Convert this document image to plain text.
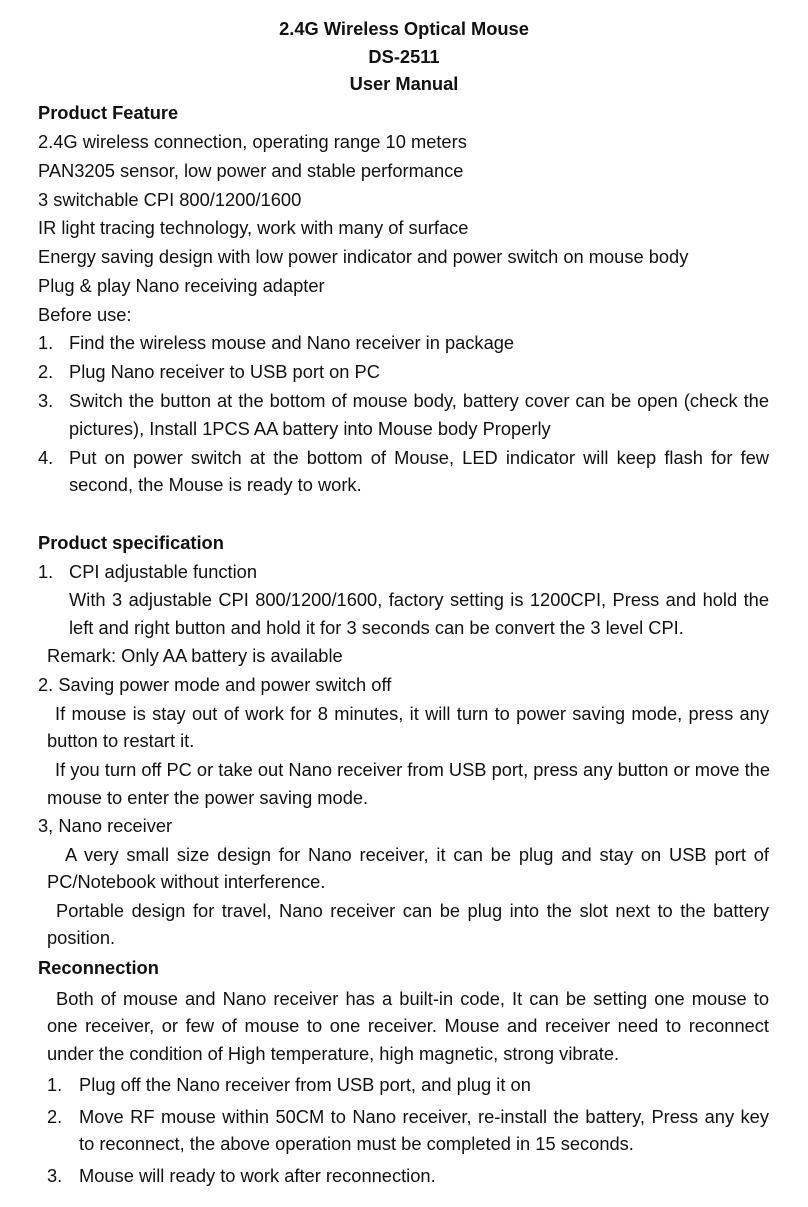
2.4G Wireless Optical Mouse
DS-2511
User Manual
Product Feature
2.4G wireless connection, operating range 10 meters
PAN3205 sensor, low power and stable performance
3 switchable CPI 800/1200/1600
IR light tracing technology, work with many of surface
Energy saving design with low power indicator and power switch on mouse body
Plug & play Nano receiving adapter
Before use:
1. Find the wireless mouse and Nano receiver in package
2. Plug Nano receiver to USB port on PC
3. Switch the button at the bottom of mouse body, battery cover can be open (check the
pictures), Install 1PCS AA battery into Mouse body Properly
4. Put on power switch at the bottom of Mouse, LED indicator will keep flash for few
second, the Mouse is ready to work.
Product specification
1. CPI adjustable function
With 3 adjustable CPI 800/1200/1600, factory setting is 1200CPI, Press and hold the
left and right button and hold it for 3 seconds can be convert the 3 level CPI.
Remark: Only AA battery is available
2. Saving power mode and power switch off
If mouse is stay out of work for 8 minutes, it will turn to power saving mode, press any
button to restart it.
If you turn off PC or take out Nano receiver from USB port, press any button or move the
mouse to enter the power saving mode.
3, Nano receiver
A very small size design for Nano receiver, it can be plug and stay on USB port of
PC/Notebook without interference.
Portable design for travel, Nano receiver can be plug into the slot next to the battery
position.
Reconnection
Both of mouse and Nano receiver has a built-in code, It can be setting one mouse to
one receiver, or few of mouse to one receiver. Mouse and receiver need to reconnect
under the condition of High temperature, high magnetic, strong vibrate.
1. Plug off the Nano receiver from USB port, and plug it on
2. Move RF mouse within 50CM to Nano receiver, re-install the battery, Press any key
to reconnect, the above operation must be completed in 15 seconds.
3. Mouse will ready to work after reconnection.
